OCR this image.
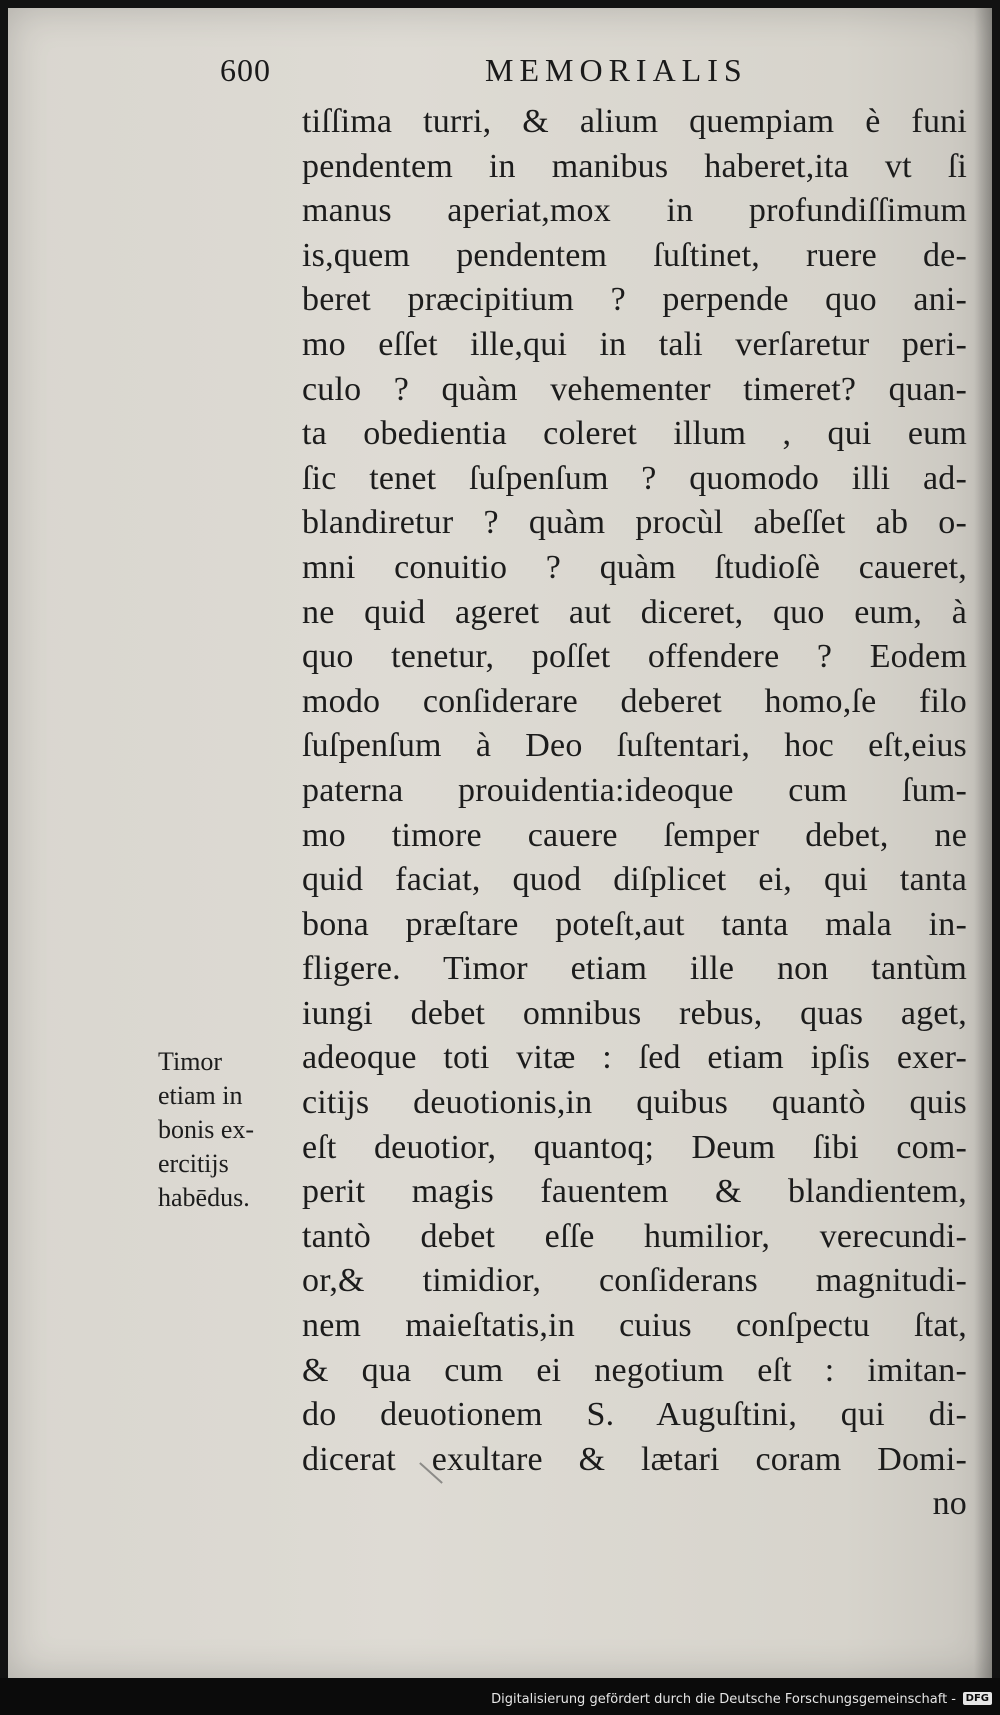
600	MEMORIALIS
tiſſima turri, & alium quempiam è funi
pendentem in manibus haberet,ita vt ſi
manus aperiat,mox in profundiſſimum
is,quem pendentem ſuſtinet, ruere de-
beret præcipitium ? perpende quo ani-
mo eſſet ille,qui in tali verſaretur peri-
culo ? quàm vehementer timeret? quan-
ta obedientia coleret illum , qui eum
ſic tenet ſuſpenſum ? quomodo illi ad-
blandiretur ? quàm procùl abeſſet ab o-
mni conuitio ? quàm ſtudioſè caueret,
ne quid ageret aut diceret, quo eum, à
quo tenetur, poſſet offendere ? Eodem
modo conſiderare deberet homo,ſe filo
ſuſpenſum à Deo ſuſtentari, hoc eſt,eius
paterna prouidentia:ideoque cum ſum-
mo timore cauere ſemper debet, ne
quid faciat, quod diſplicet ei, qui tanta
bona præſtare poteſt,aut tanta mala in-
fligere. Timor etiam ille non tantùm
iungi debet omnibus rebus, quas aget,
adeoque toti vitæ : ſed etiam ipſis exer-
citijs deuotionis,in quibus quantò quis
eſt deuotior, quantoq; Deum ſibi com-
perit magis fauentem & blandientem,
tantò debet eſſe humilior, verecundi-
or,& timidior, conſiderans magnitudi-
nem maieſtatis,in cuius conſpectu ſtat,
& qua cum ei negotium eſt : imitan-
do deuotionem S. Auguſtini, qui di-
dicerat exultare & lætari coram Domi-
no
Timor
etiam in
bonis ex-
ercitijs
habēdus.
Digitalisierung gefördert durch die Deutsche Forschungsgemeinschaft - DFG
